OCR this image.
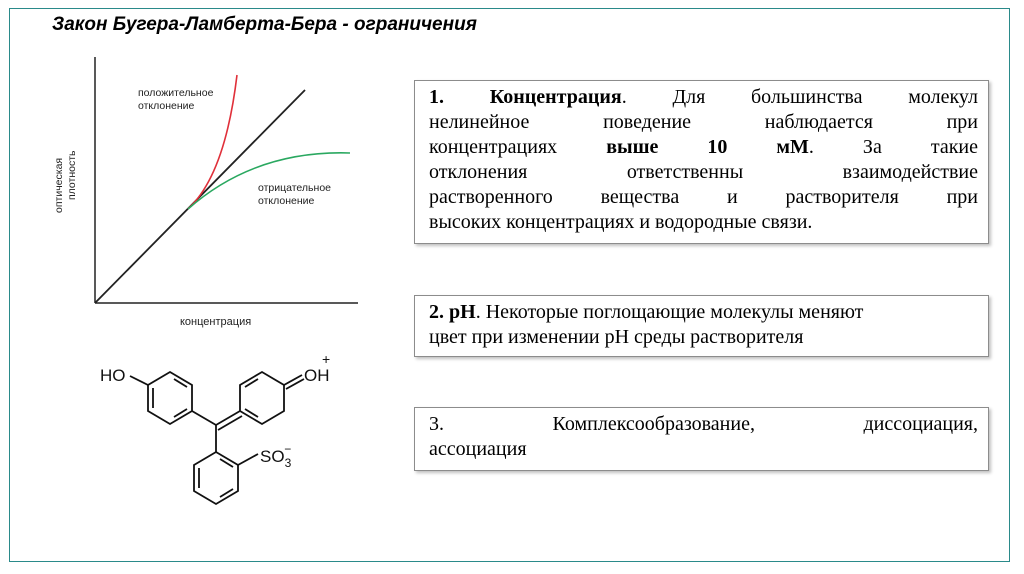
Закон Бугера-Ламберта-Бера - ограничения
положительное
отклонение
отрицательное
отклонение
концентрация
оптическая плотность
HO	OH
+
$SO_3-$
1. Концентрация. Для большинства молекул
нелинейное поведение наблюдается при
концентрациях выше 10 мМ. За такие
отклонения ответственны взаимодействие
растворенного вещества и растворителя при
высоких концентрациях и водородные связи.
2. рН. Некоторые поглощающие молекулы меняют
цвет при изменении рН среды растворителя
3.	Комплексообразование,	диссоциация,
ассоциация
